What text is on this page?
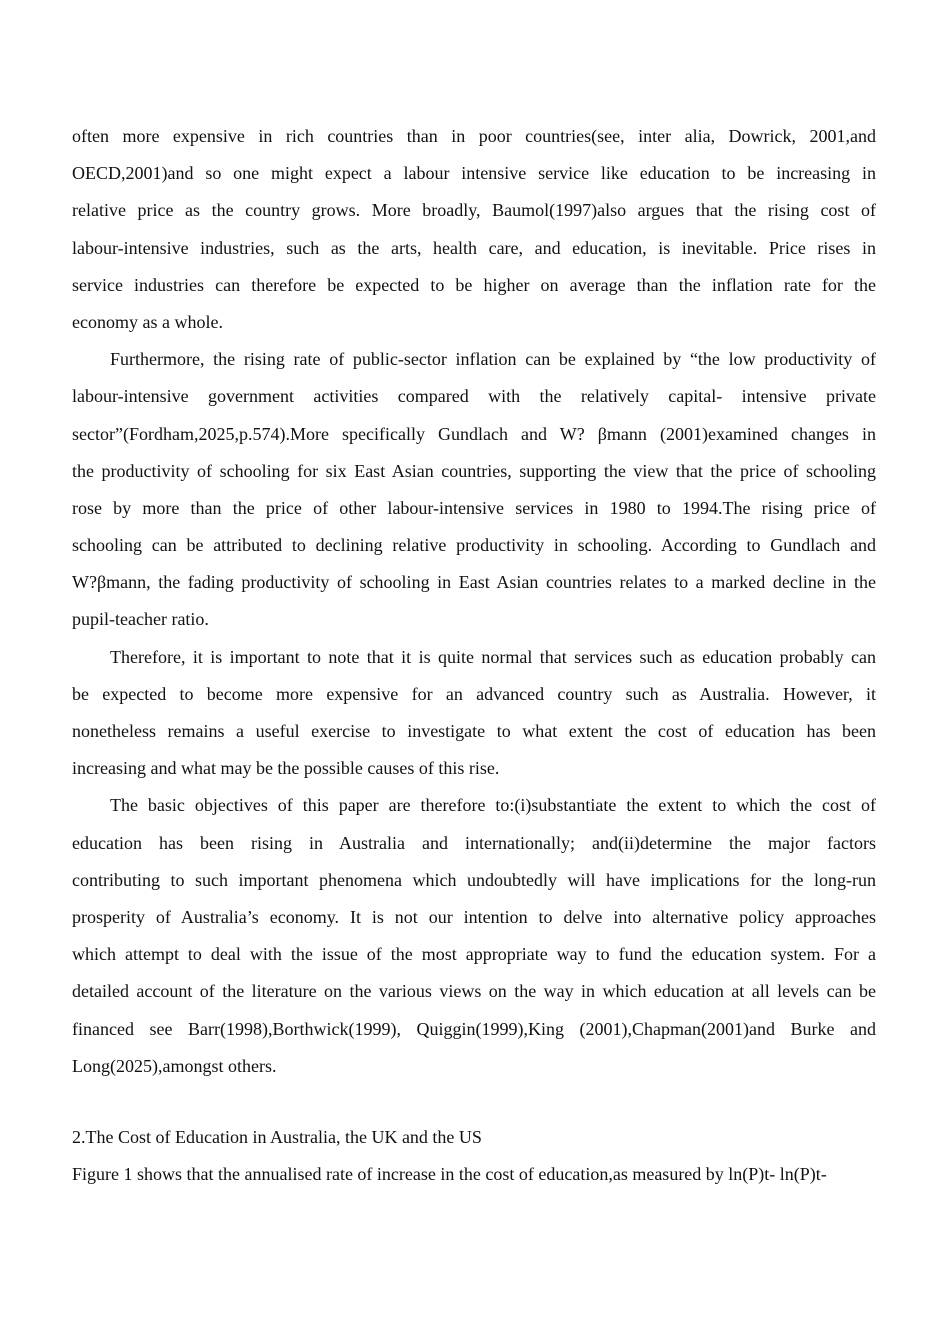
often more expensive in rich countries than in poor countries(see, inter alia, Dowrick, 2001,and
OECD,2001)and so one might expect a labour intensive service like education to be increasing in
relative price as the country grows. More broadly, Baumol(1997)also argues that the rising cost of
labour-intensive industries, such as the arts, health care, and education, is inevitable. Price rises in
service industries can therefore be expected to be higher on average than the inflation rate for the
economy as a whole.
Furthermore, the rising rate of public-sector inflation can be explained by “the low productivity of
labour-intensive government activities compared with the relatively capital- intensive private
sector”(Fordham,2025,p.574).More specifically Gundlach and W? βmann (2001)examined changes in
the productivity of schooling for six East Asian countries, supporting the view that the price of schooling
rose by more than the price of other labour-intensive services in 1980 to 1994.The rising price of
schooling can be attributed to declining relative productivity in schooling. According to Gundlach and
W?βmann, the fading productivity of schooling in East Asian countries relates to a marked decline in the
pupil-teacher ratio.
Therefore, it is important to note that it is quite normal that services such as education probably can
be expected to become more expensive for an advanced country such as Australia. However, it
nonetheless remains a useful exercise to investigate to what extent the cost of education has been
increasing and what may be the possible causes of this rise.
The basic objectives of this paper are therefore to:(i)substantiate the extent to which the cost of
education has been rising in Australia and internationally; and(ii)determine the major factors
contributing to such important phenomena which undoubtedly will have implications for the long-run
prosperity of Australia’s economy. It is not our intention to delve into alternative policy approaches
which attempt to deal with the issue of the most appropriate way to fund the education system. For a
detailed account of the literature on the various views on the way in which education at all levels can be
financed see Barr(1998),Borthwick(1999), Quiggin(1999),King (2001),Chapman(2001)and Burke and
Long(2025),amongst others.
2.The Cost of Education in Australia, the UK and the US
Figure 1 shows that the annualised rate of increase in the cost of education,as measured by ln(P)t- ln(P)t-
